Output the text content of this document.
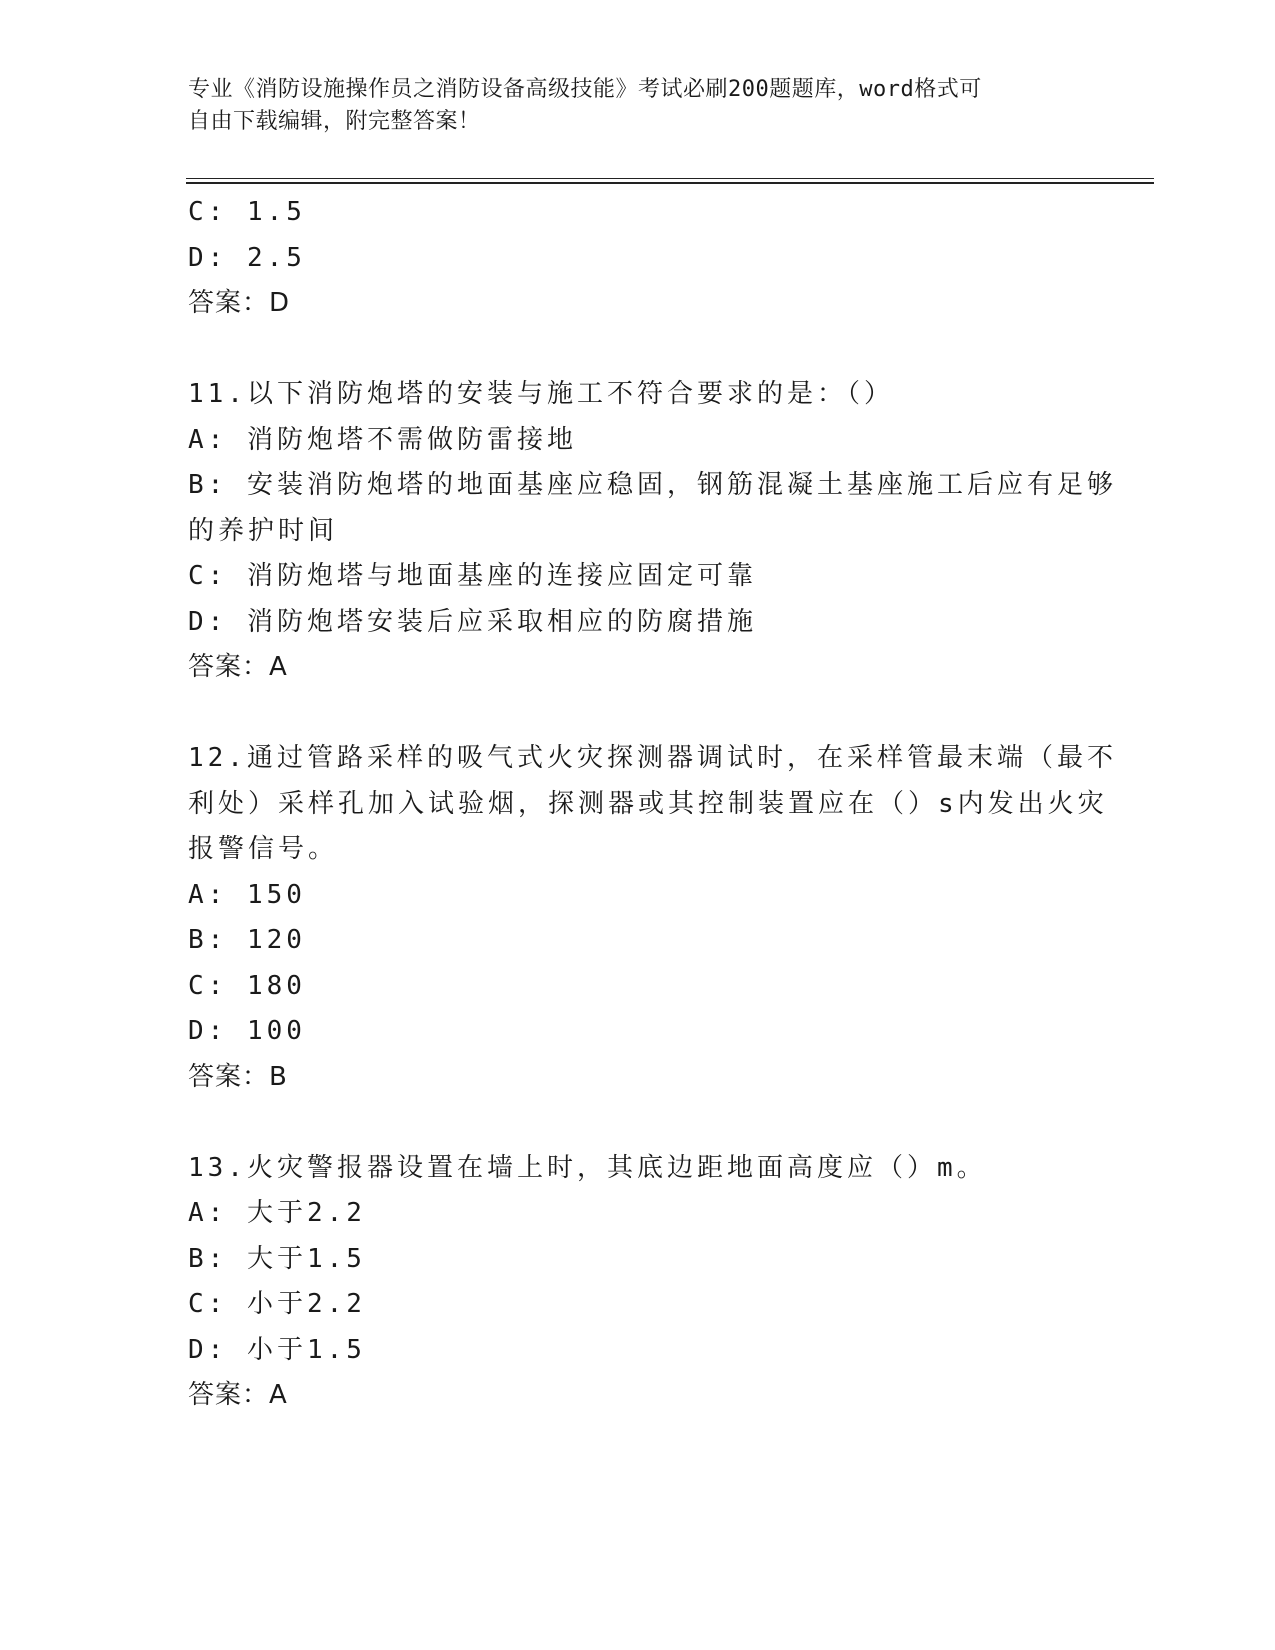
专业《消防设施操作员之消防设备高级技能》考试必刷200题题库，word格式可
自由下载编辑，附完整答案！
C: 1.5
D: 2.5
答案：D
11.以下消防炮塔的安装与施工不符合要求的是：（）
A: 消防炮塔不需做防雷接地
B: 安装消防炮塔的地面基座应稳固，钢筋混凝土基座施工后应有足够
的养护时间
C: 消防炮塔与地面基座的连接应固定可靠
D: 消防炮塔安装后应采取相应的防腐措施
答案：A
12.通过管路采样的吸气式火灾探测器调试时，在采样管最末端（最不
利处）采样孔加入试验烟，探测器或其控制装置应在（）s内发出火灾
报警信号。
A: 150
B: 120
C: 180
D: 100
答案：B
13.火灾警报器设置在墙上时，其底边距地面高度应（）m。
A: 大于2.2
B: 大于1.5
C: 小于2.2
D: 小于1.5
答案：A
